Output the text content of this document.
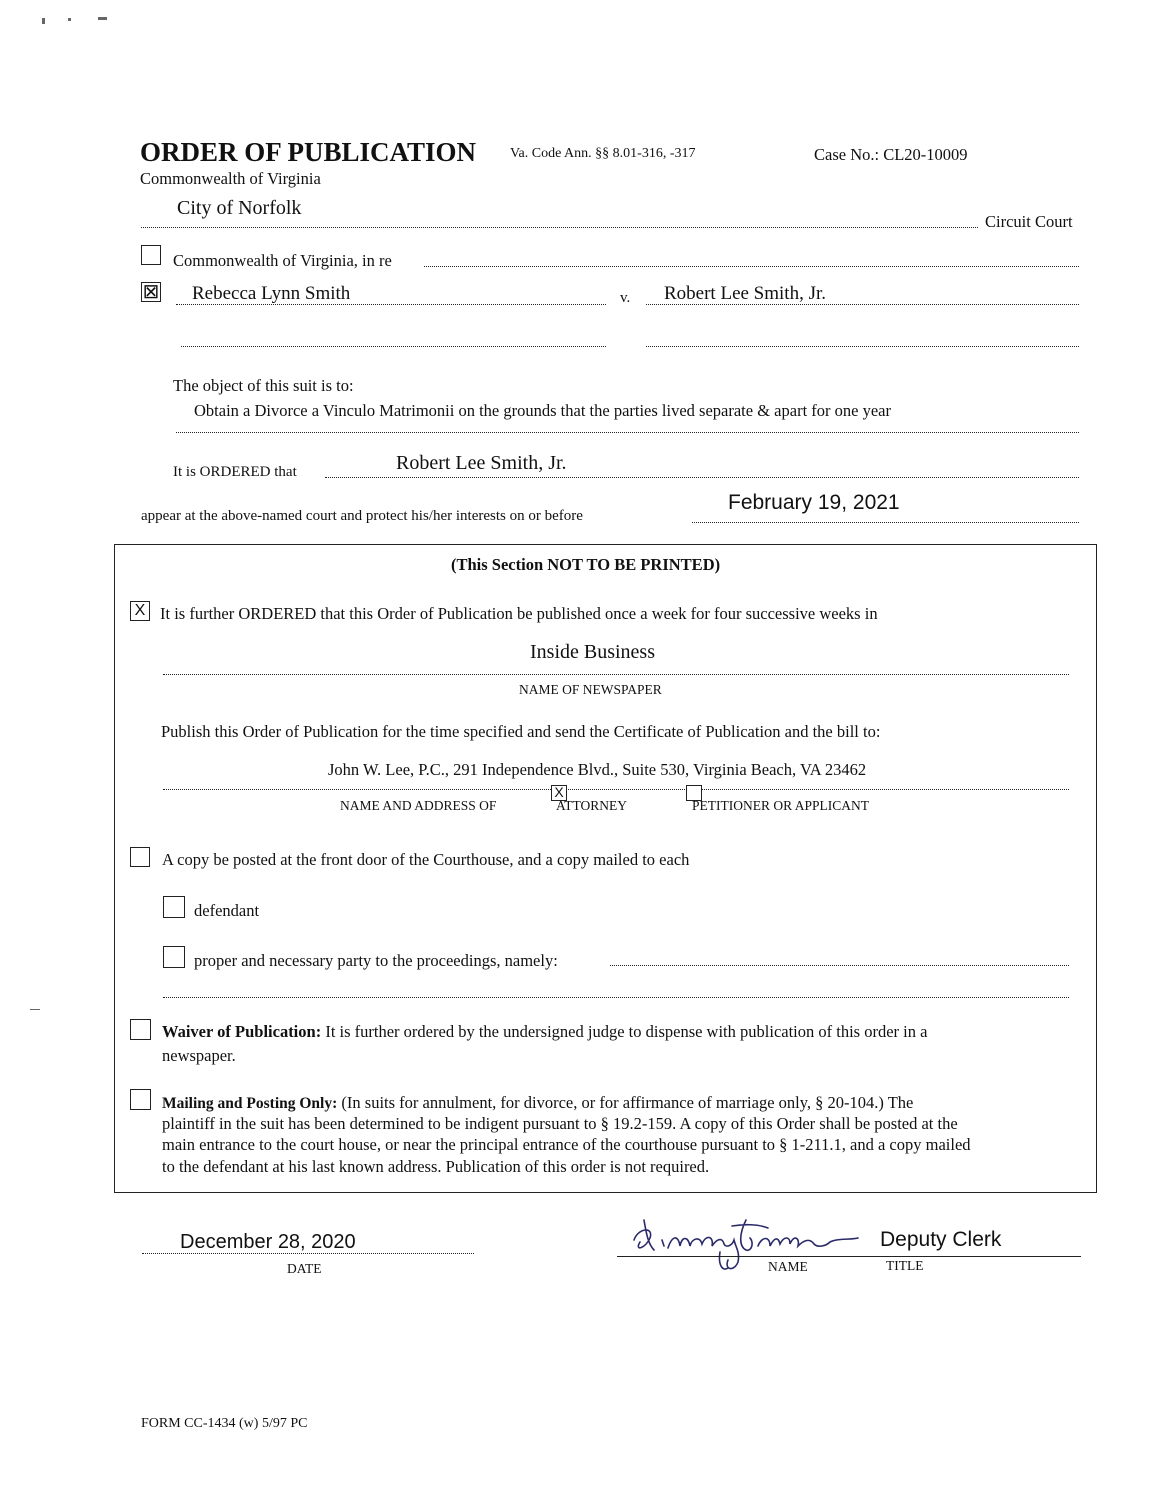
ORDER OF PUBLICATION Va. Code Ann. §§ 8.01-316, -317	Case No.: CL20-10009
Commonwealth of Virginia
City of Norfolk
Circuit Court
Commonwealth of Virginia, in re
⊠ Rebecca Lynn Smith	v. Robert Lee Smith, Jr.
The object of this suit is to:
Obtain a Divorce a Vinculo Matrimonii on the grounds that the parties lived separate & apart for one year
It is ORDERED that	Robert Lee Smith, Jr.
appear at the above-named court and protect his/her interests on or before
February 19, 2021
(This Section NOT TO BE PRINTED)
X It is further ORDERED that this Order of Publication be published once a week for four successive weeks in
Inside Business
NAME OF NEWSPAPER
Publish this Order of Publication for the time specified and send the Certificate of Publication and the bill to:
John W. Lee, P.C., 291 Independence Blvd., Suite 530, Virginia Beach, VA 23462
NAME AND ADDRESS OF
X
ATTORNEY	PETITIONER OR APPLICANT
A copy be posted at the front door of the Courthouse, and a copy mailed to each
defendant
proper and necessary party to the proceedings, namely:
Waiver of Publication: It is further ordered by the undersigned judge to dispense with publication of this order in a
newspaper.
Mailing and Posting Only: (In suits for annulment, for divorce, or for affirmance of marriage only, § 20-104.) The
plaintiff in the suit has been determined to be indigent pursuant to § 19.2-159. A copy of this Order shall be posted at the
main entrance to the court house, or near the principal entrance of the courthouse pursuant to § 1-211.1, and a copy mailed
to the defendant at his last known address. Publication of this order is not required.
December 28, 2020
DATE
Deputy Clerk
NAME	TITLE
FORM CC-1434 (w) 5/97 PC
